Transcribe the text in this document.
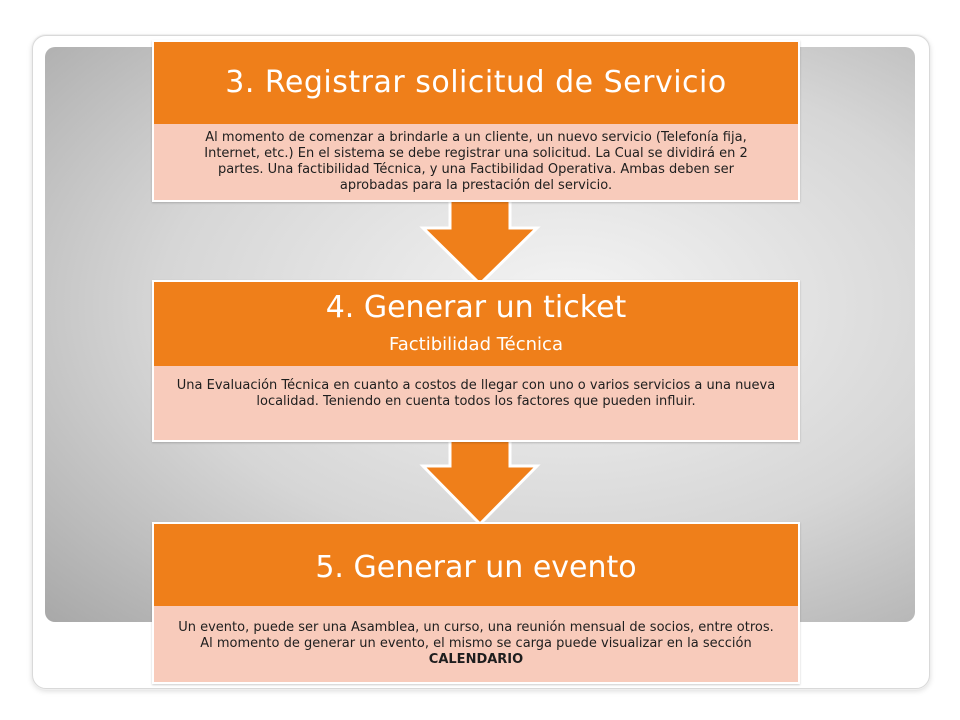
3. Registrar solicitud de Servicio
Al momento de comenzar a brindarle a un cliente, un nuevo servicio (Telefonía fija, Internet, etc.) En el sistema se debe registrar una solicitud. La Cual se dividirá en 2 partes. Una factibilidad Técnica, y una Factibilidad Operativa. Ambas deben ser aprobadas para la prestación del servicio.
4. Generar un ticket
Factibilidad Técnica
Una Evaluación Técnica en cuanto a costos de llegar con uno o varios servicios a una nueva localidad. Teniendo en cuenta todos los factores que pueden influir.
5. Generar un evento
Un evento, puede ser una Asamblea, un curso, una reunión mensual de socios, entre otros. Al momento de generar un evento, el mismo se carga puede visualizar en la sección CALENDARIO
